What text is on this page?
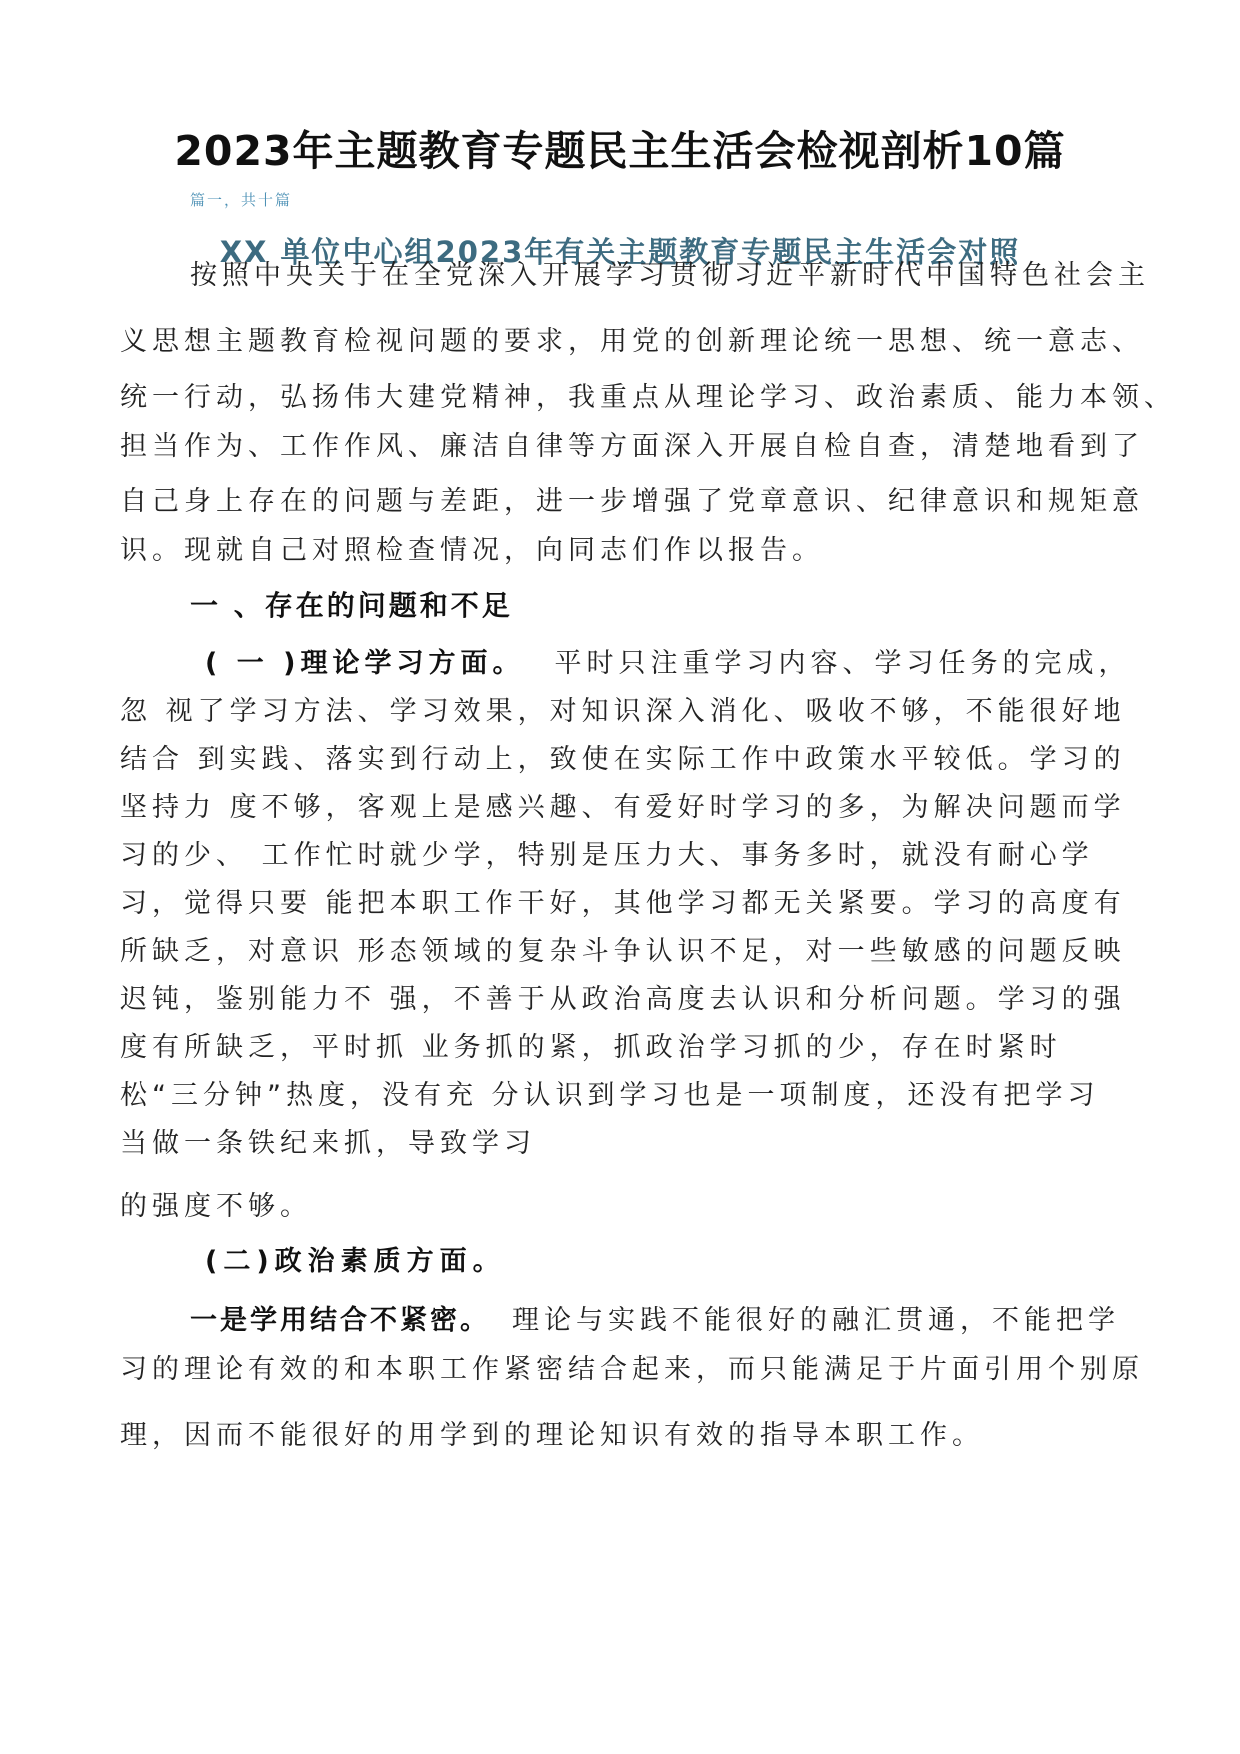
2023年主题教育专题民主生活会检视剖析10篇
篇一，共十篇
XX 单位中心组2023年有关主题教育专题民主生活会对照
按照中央关于在全党深入开展学习贯彻习近平新时代中国特色社会主
义思想主题教育检视问题的要求，用党的创新理论统一思想、统一意志、
统一行动，弘扬伟大建党精神，我重点从理论学习、政治素质、能力本领、
担当作为、工作作风、廉洁自律等方面深入开展自检自查，清楚地看到了
自己身上存在的问题与差距，进一步增强了党章意识、纪律意识和规矩意
识。现就自己对照检查情况，向同志们作以报告。
一 、存在的问题和不足
( 一 )理论学习方面。 平时只注重学习内容、学习任务的完成，
忽 视了学习方法、学习效果，对知识深入消化、吸收不够，不能很好地
结合 到实践、落实到行动上，致使在实际工作中政策水平较低。学习的
坚持力 度不够，客观上是感兴趣、有爱好时学习的多，为解决问题而学
习的少、 工作忙时就少学，特别是压力大、事务多时，就没有耐心学
习，觉得只要 能把本职工作干好，其他学习都无关紧要。学习的高度有
所缺乏，对意识 形态领域的复杂斗争认识不足，对一些敏感的问题反映
迟钝，鉴别能力不 强，不善于从政治高度去认识和分析问题。学习的强
度有所缺乏，平时抓 业务抓的紧，抓政治学习抓的少，存在时紧时
松“三分钟”热度，没有充 分认识到学习也是一项制度，还没有把学习
当做一条铁纪来抓，导致学习
的强度不够。
(二)政治素质方面。
一是学用结合不紧密。 理论与实践不能很好的融汇贯通，不能把学
习的理论有效的和本职工作紧密结合起来，而只能满足于片面引用个别原
理，因而不能很好的用学到的理论知识有效的指导本职工作。
